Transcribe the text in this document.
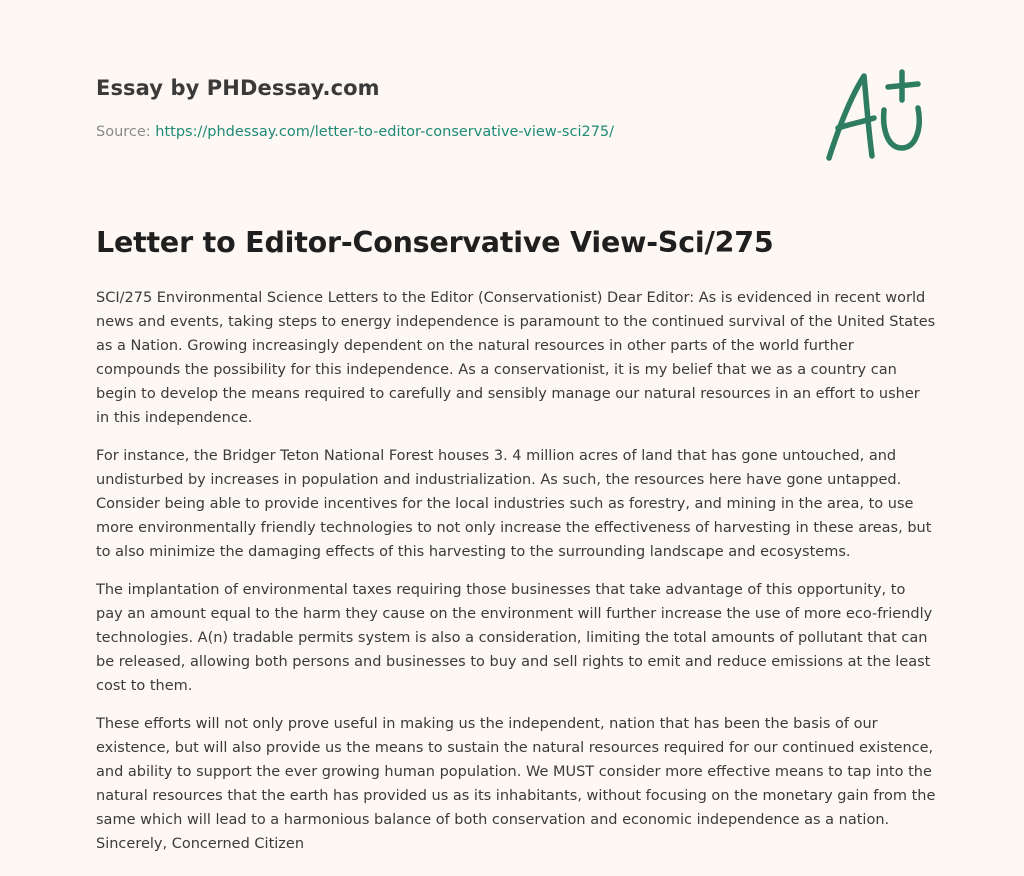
Essay by PHDessay.com
Source: https://phdessay.com/letter-to-editor-conservative-view-sci275/
Letter to Editor-Conservative View-Sci/275

SCI/275 Environmental Science Letters to the Editor (Conservationist) Dear Editor: As is evidenced in recent world news and events, taking steps to energy independence is paramount to the continued survival of the United States as a Nation. Growing increasingly dependent on the natural resources in other parts of the world further compounds the possibility for this independence. As a conservationist, it is my belief that we as a country can begin to develop the means required to carefully and sensibly manage our natural resources in an effort to usher in this independence.

For instance, the Bridger Teton National Forest houses 3. 4 million acres of land that has gone untouched, and undisturbed by increases in population and industrialization. As such, the resources here have gone untapped. Consider being able to provide incentives for the local industries such as forestry, and mining in the area, to use more environmentally friendly technologies to not only increase the effectiveness of harvesting in these areas, but to also minimize the damaging effects of this harvesting to the surrounding landscape and ecosystems.

The implantation of environmental taxes requiring those businesses that take advantage of this opportunity, to pay an amount equal to the harm they cause on the environment will further increase the use of more eco-friendly technologies. A(n) tradable permits system is also a consideration, limiting the total amounts of pollutant that can be released, allowing both persons and businesses to buy and sell rights to emit and reduce emissions at the least cost to them.

These efforts will not only prove useful in making us the independent, nation that has been the basis of our existence, but will also provide us the means to sustain the natural resources required for our continued existence, and ability to support the ever growing human population. We MUST consider more effective means to tap into the natural resources that the earth has provided us as its inhabitants, without focusing on the monetary gain from the same which will lead to a harmonious balance of both conservation and economic independence as a nation. Sincerely, Concerned Citizen
